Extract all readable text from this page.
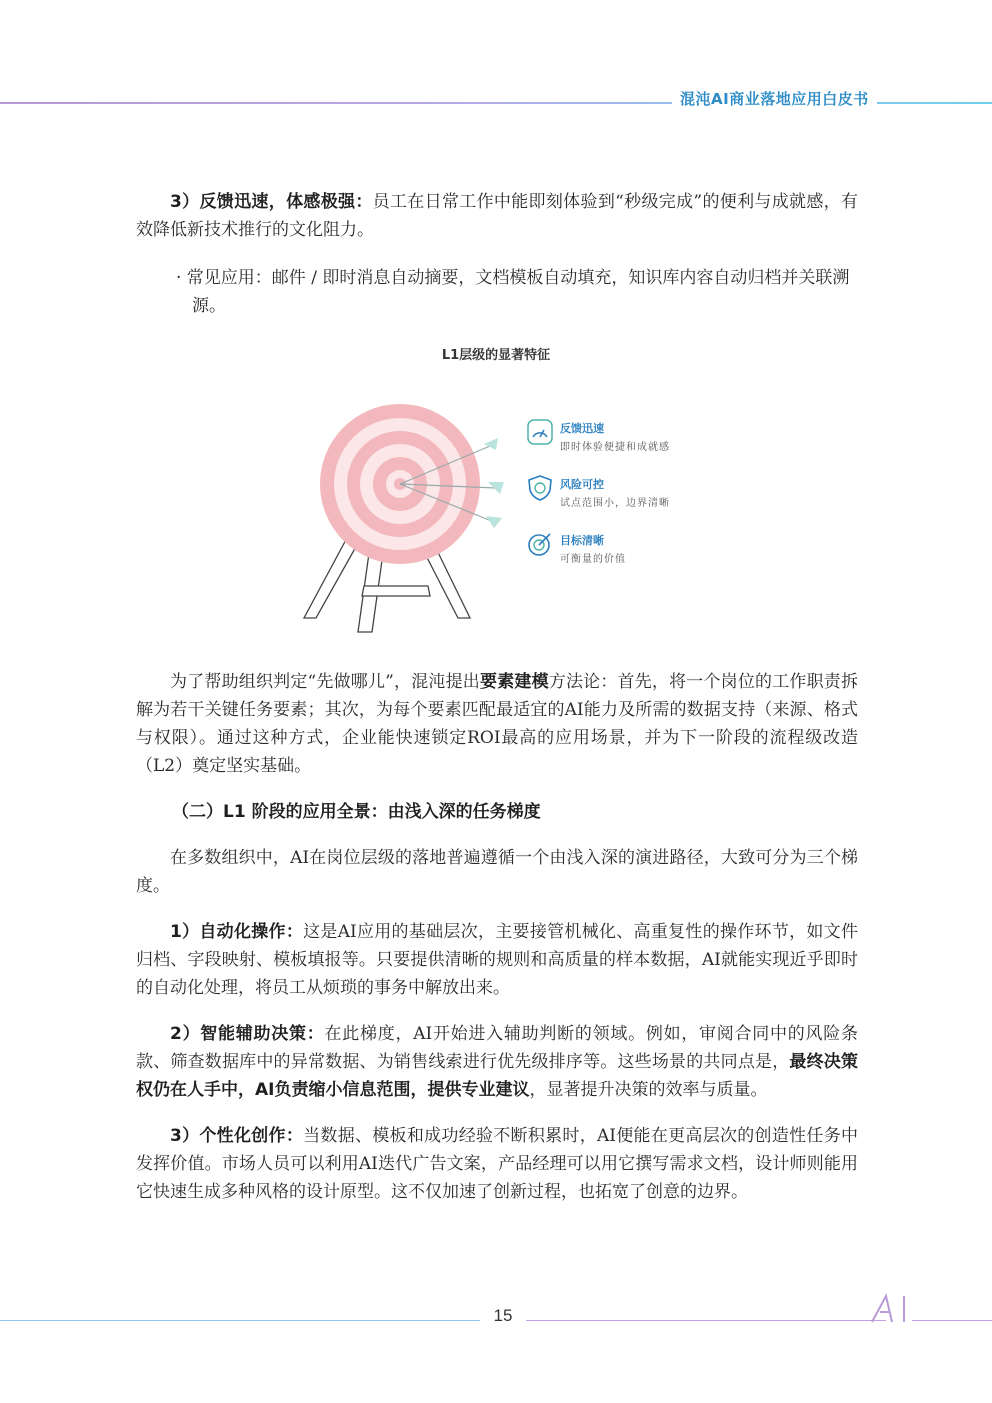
混沌AI商业落地应用白皮书

3）反馈迅速，体感极强：员工在日常工作中能即刻体验到“秒级完成”的便利与成就感，有效降低新技术推行的文化阻力。

· 常见应用：邮件 / 即时消息自动摘要，文档模板自动填充，知识库内容自动归档并关联溯源。

L1层级的显著特征
反馈迅速
即时体验便捷和成就感
风险可控
试点范围小，边界清晰
目标清晰
可衡量的价值

为了帮助组织判定“先做哪儿”，混沌提出要素建模方法论：首先，将一个岗位的工作职责拆解为若干关键任务要素；其次，为每个要素匹配最适宜的AI能力及所需的数据支持（来源、格式与权限）。通过这种方式，企业能快速锁定ROI最高的应用场景，并为下一阶段的流程级改造（L2）奠定坚实基础。

（二）L1 阶段的应用全景：由浅入深的任务梯度

在多数组织中，AI在岗位层级的落地普遍遵循一个由浅入深的演进路径，大致可分为三个梯度。

1）自动化操作：这是AI应用的基础层次，主要接管机械化、高重复性的操作环节，如文件归档、字段映射、模板填报等。只要提供清晰的规则和高质量的样本数据，AI就能实现近乎即时的自动化处理，将员工从烦琐的事务中解放出来。

2）智能辅助决策：在此梯度，AI开始进入辅助判断的领域。例如，审阅合同中的风险条款、筛查数据库中的异常数据、为销售线索进行优先级排序等。这些场景的共同点是，最终决策权仍在人手中，AI负责缩小信息范围，提供专业建议，显著提升决策的效率与质量。

3）个性化创作：当数据、模板和成功经验不断积累时，AI便能在更高层次的创造性任务中发挥价值。市场人员可以利用AI迭代广告文案，产品经理可以用它撰写需求文档，设计师则能用它快速生成多种风格的设计原型。这不仅加速了创新过程，也拓宽了创意的边界。

15
AI
